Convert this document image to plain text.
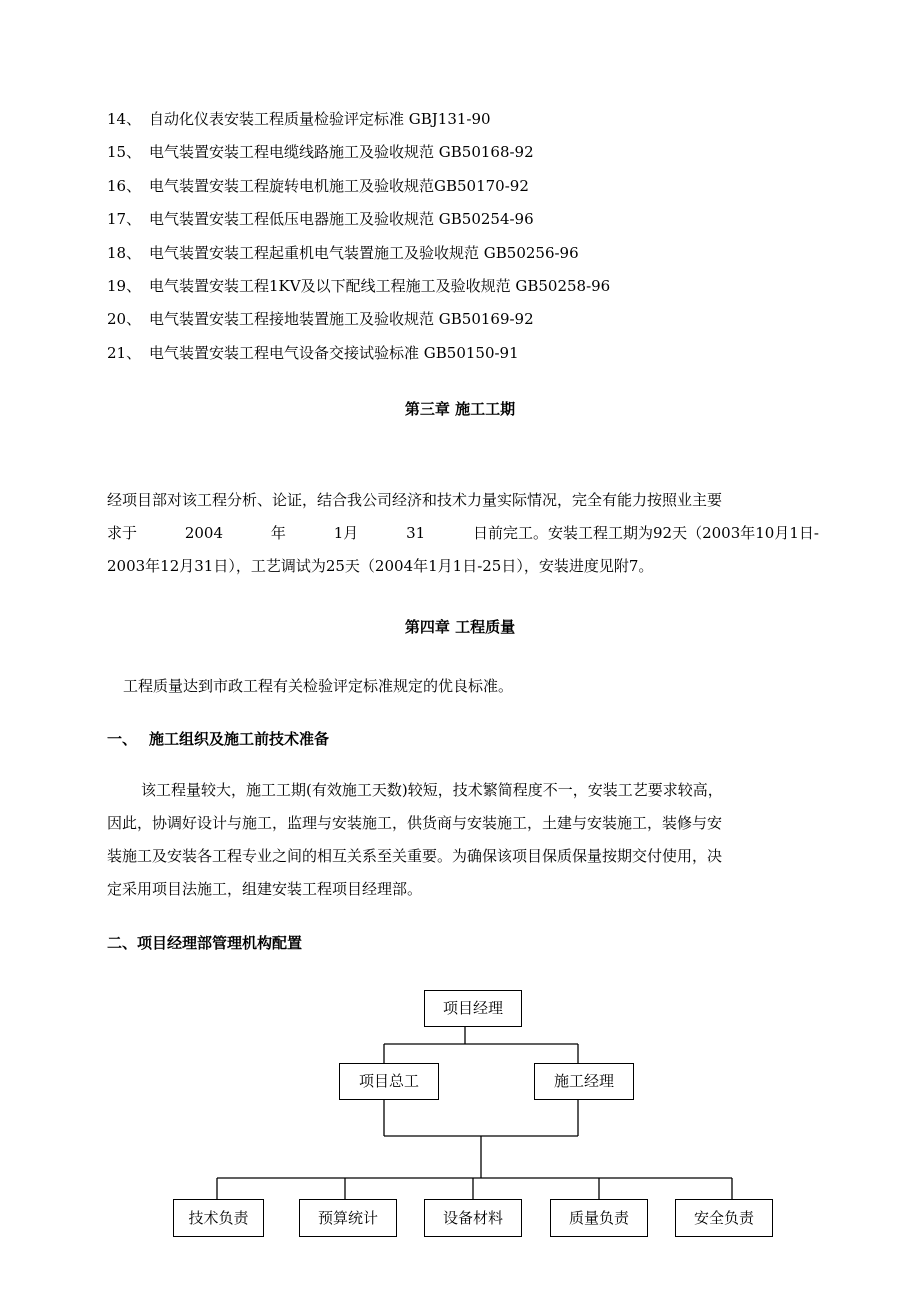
14、 自动化仪表安装工程质量检验评定标准 GBJ131-90
15、 电气装置安装工程电缆线路施工及验收规范 GB50168-92
16、 电气装置安装工程旋转电机施工及验收规范GB50170-92
17、 电气装置安装工程低压电器施工及验收规范 GB50254-96
18、 电气装置安装工程起重机电气装置施工及验收规范 GB50256-96
19、 电气装置安装工程1KV及以下配线工程施工及验收规范 GB50258-96
20、 电气装置安装工程接地装置施工及验收规范 GB50169-92
21、 电气装置安装工程电气设备交接试验标准 GB50150-91
第三章 施工工期
经项目部对该工程分析、论证，结合我公司经济和技术力量实际情况，完全有能力按照业主要
求于	2004	年	1月	31	日前完工。安装工程工期为92天（2003年10月1日-
2003年12月31日），工艺调试为25天（2004年1月1日-25日），安装进度见附7。
第四章 工程质量
工程质量达到市政工程有关检验评定标准规定的优良标准。
一、 施工组织及施工前技术准备
该工程量较大，施工工期(有效施工天数)较短，技术繁简程度不一，安装工艺要求较高，
因此，协调好设计与施工，监理与安装施工，供货商与安装施工，土建与安装施工，装修与安
装施工及安装各工程专业之间的相互关系至关重要。为确保该项目保质保量按期交付使用，决
定采用项目法施工，组建安装工程项目经理部。
二、项目经理部管理机构配置
项目经理
项目总工	施工经理
技术负责	预算统计	设备材料	质量负责	安全负责
